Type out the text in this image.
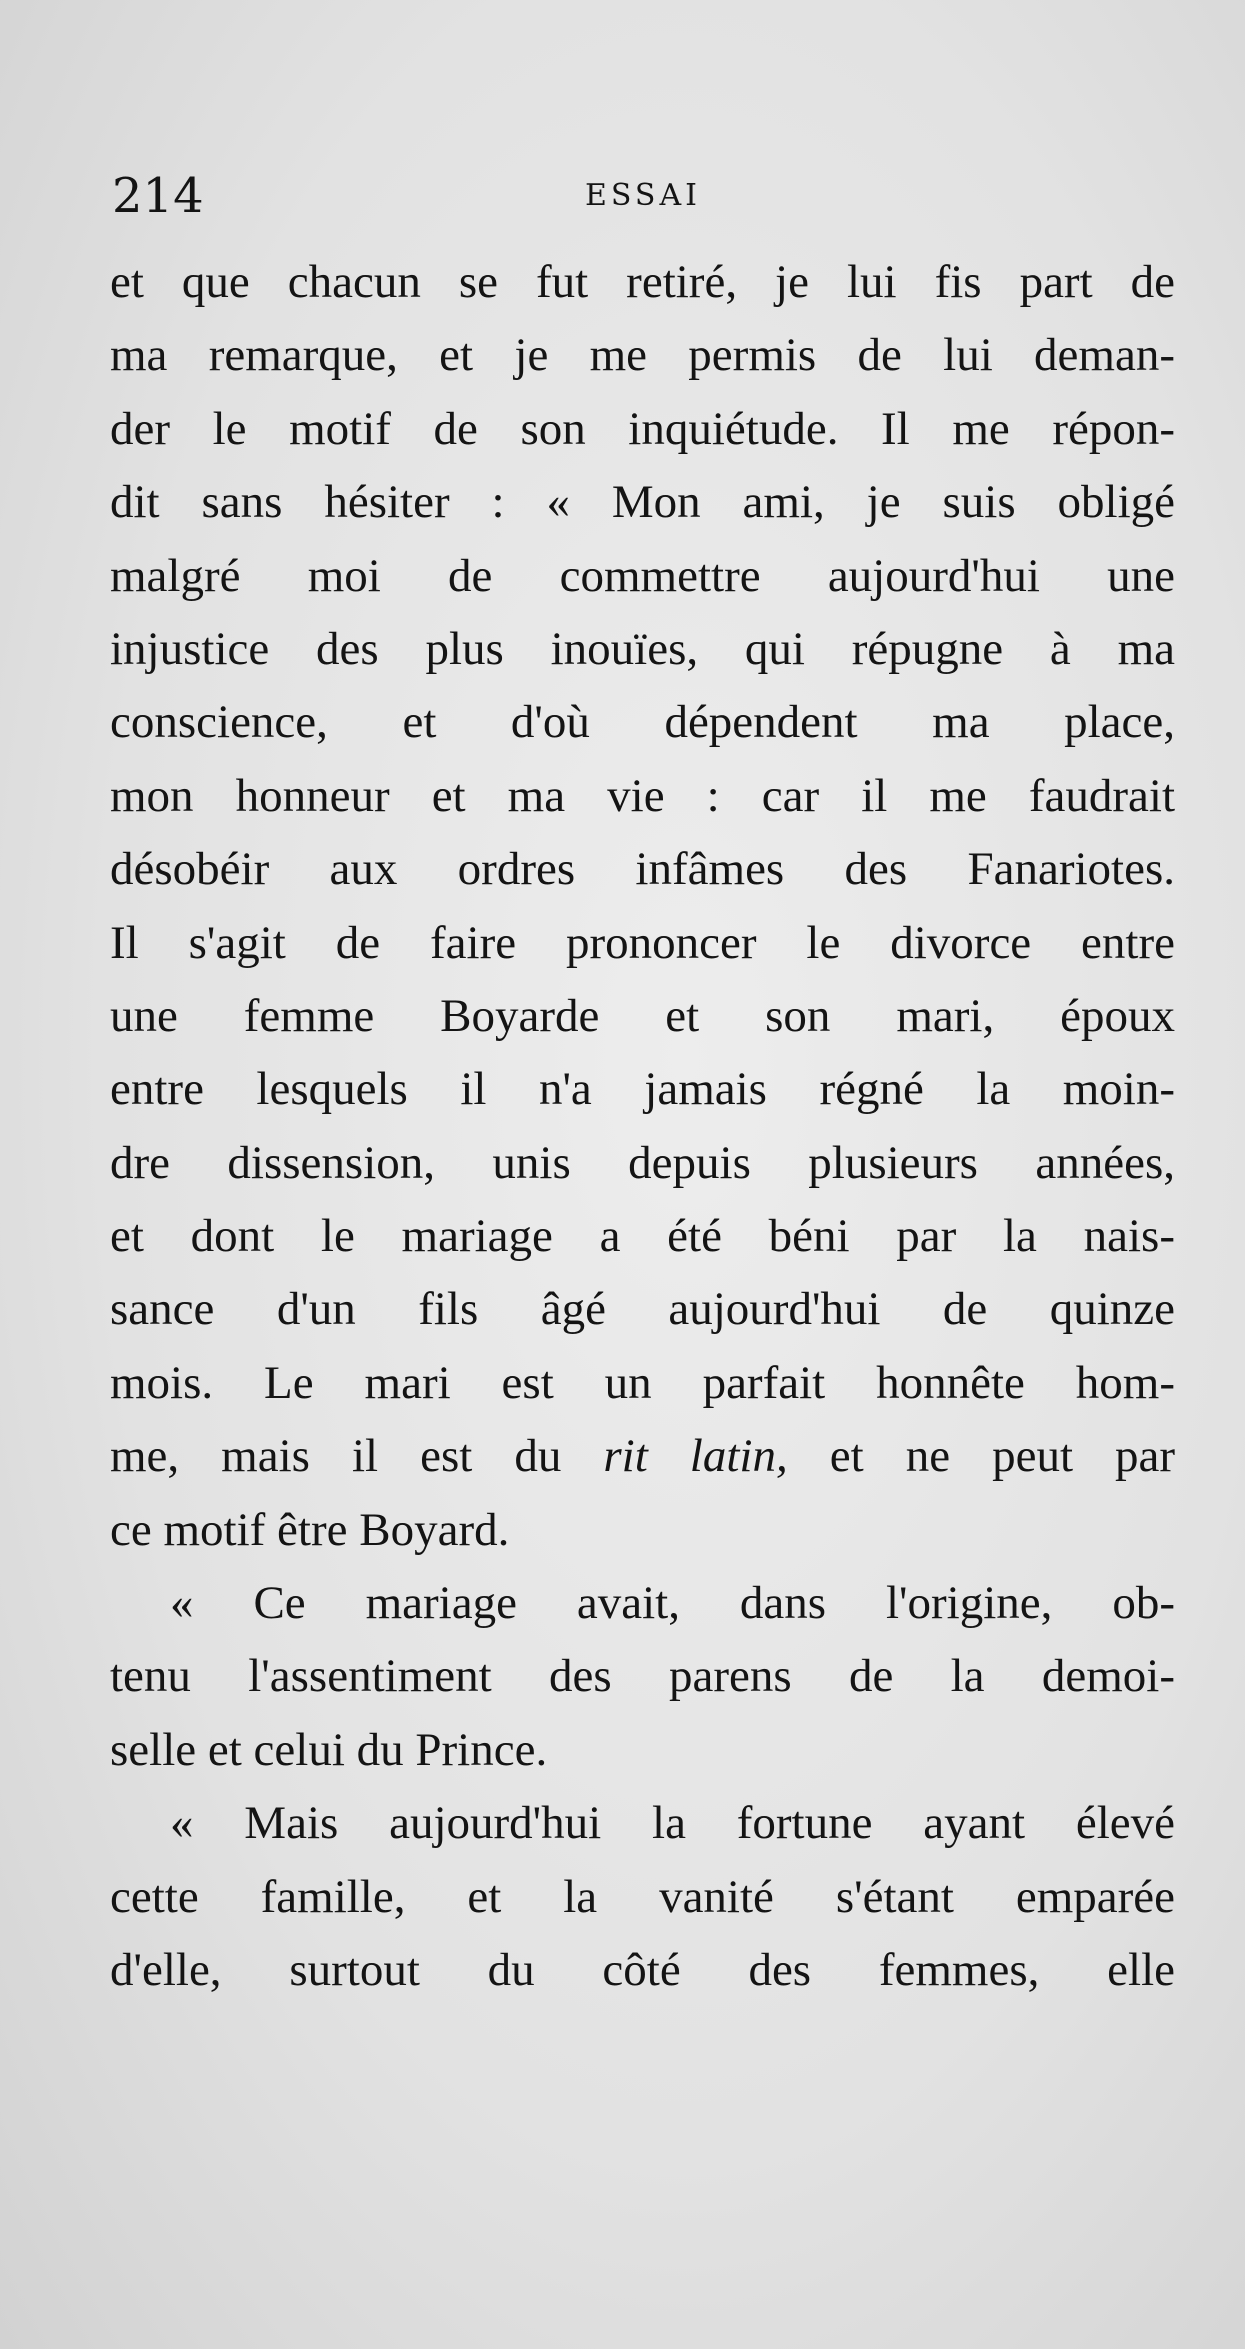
214	ESSAI
et que chacun se fut retiré, je lui fis part de
ma remarque, et je me permis de lui deman-
der le motif de son inquiétude. Il me répon-
dit sans hésiter : « Mon ami, je suis obligé
malgré moi de commettre aujourd'hui une
injustice des plus inouïes, qui répugne à ma
conscience, et d'où dépendent ma place,
mon honneur et ma vie : car il me faudrait
désobéir aux ordres infâmes des Fanariotes.
Il s'agit de faire prononcer le divorce entre
une femme Boyarde et son mari, époux
entre lesquels il n'a jamais régné la moin-
dre dissension, unis depuis plusieurs années,
et dont le mariage a été béni par la nais-
sance d'un fils âgé aujourd'hui de quinze
mois. Le mari est un parfait honnête hom-
me, mais il est du rit latin, et ne peut par
ce motif être Boyard.
« Ce mariage avait, dans l'origine, ob-
tenu l'assentiment des parens de la demoi-
selle et celui du Prince.
« Mais aujourd'hui la fortune ayant élevé
cette famille, et la vanité s'étant emparée
d'elle, surtout du côté des femmes, elle
